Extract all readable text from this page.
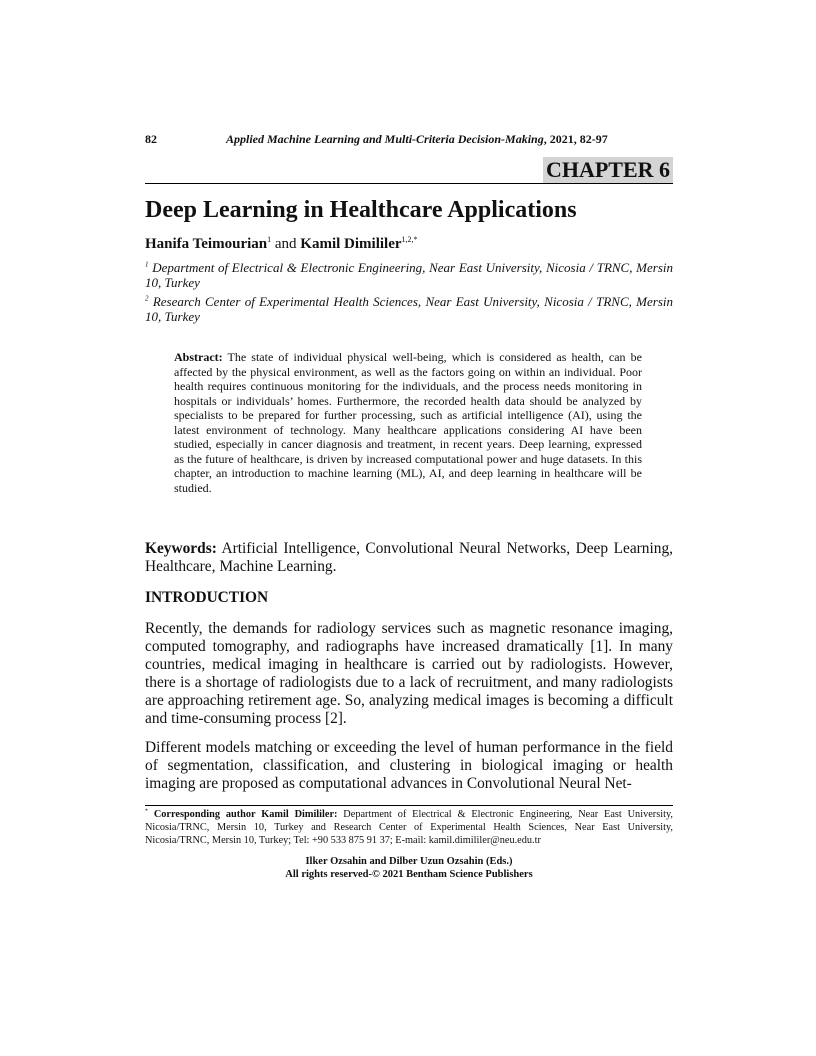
82	Applied Machine Learning and Multi-Criteria Decision-Making, 2021, 82-97
CHAPTER 6
Deep Learning in Healthcare Applications
Hanifa Teimourian$^1$ and Kamil Dimililer$^{1,2,*}$
$^1$ Department of Electrical & Electronic Engineering, Near East University, Nicosia / TRNC, Mersin 10, Turkey
$^2$ Research Center of Experimental Health Sciences, Near East University, Nicosia / TRNC, Mersin 10, Turkey
Abstract: The state of individual physical well-being, which is considered as health, can be affected by the physical environment, as well as the factors going on within an individual. Poor health requires continuous monitoring for the individuals, and the process needs monitoring in hospitals or individuals’ homes. Furthermore, the recorded health data should be analyzed by specialists to be prepared for further processing, such as artificial intelligence (AI), using the latest environment of technology. Many healthcare applications considering AI have been studied, especially in cancer diagnosis and treatment, in recent years. Deep learning, expressed as the future of healthcare, is driven by increased computational power and huge datasets. In this chapter, an introduction to machine learning (ML), AI, and deep learning in healthcare will be studied.
Keywords: Artificial Intelligence, Convolutional Neural Networks, Deep Learning, Healthcare, Machine Learning.
INTRODUCTION

Recently, the demands for radiology services such as magnetic resonance imaging, computed tomography, and radiographs have increased dramatically [1]. In many countries, medical imaging in healthcare is carried out by radiologists. However, there is a shortage of radiologists due to a lack of recruitment, and many radiologists are approaching retirement age. So, analyzing medical images is becoming a difficult and time-consuming process [2].

Different models matching or exceeding the level of human performance in the field of segmentation, classification, and clustering in biological imaging or health imaging are proposed as computational advances in Convolutional Neural Net-

* Corresponding author Kamil Dimililer: Department of Electrical & Electronic Engineering, Near East University, Nicosia/TRNC, Mersin 10, Turkey and Research Center of Experimental Health Sciences, Near East University, Nicosia/TRNC, Mersin 10, Turkey; Tel: +90 533 875 91 37; E-mail: kamil.dimililer@neu.edu.tr
Ilker Ozsahin and Dilber Uzun Ozsahin (Eds.)
All rights reserved-© 2021 Bentham Science Publishers
